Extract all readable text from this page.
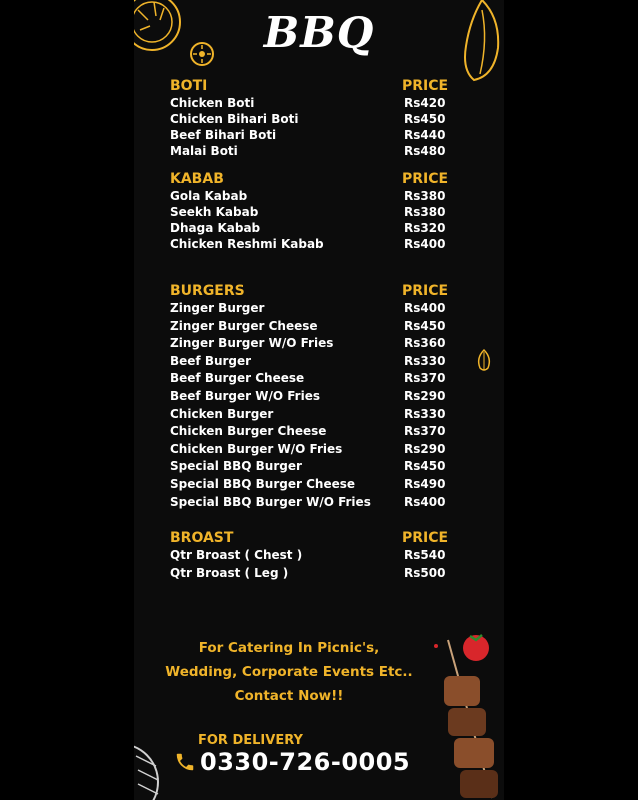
BBQ
BOTI	PRICE
Chicken Boti	Rs420
Chicken Bihari Boti	Rs450
Beef Bihari Boti	Rs440
Malai Boti	Rs480
KABAB	PRICE
Gola Kabab	Rs380
Seekh Kabab	Rs380
Dhaga Kabab	Rs320
Chicken Reshmi Kabab	Rs400
BURGERS	PRICE
Zinger Burger	Rs400
Zinger Burger Cheese	Rs450
Zinger Burger W/O Fries	Rs360
Beef Burger	Rs330
Beef Burger Cheese	Rs370
Beef Burger W/O Fries	Rs290
Chicken Burger	Rs330
Chicken Burger Cheese	Rs370
Chicken Burger W/O Fries	Rs290
Special BBQ Burger	Rs450
Special BBQ Burger Cheese	Rs490
Special BBQ Burger W/O Fries	Rs400
BROAST	PRICE
Qtr Broast ( Chest )	Rs540
Qtr Broast ( Leg )	Rs500
For Catering In Picnic's,
Wedding, Corporate Events Etc..
Contact Now!!
FOR DELIVERY
0330-726-0005
